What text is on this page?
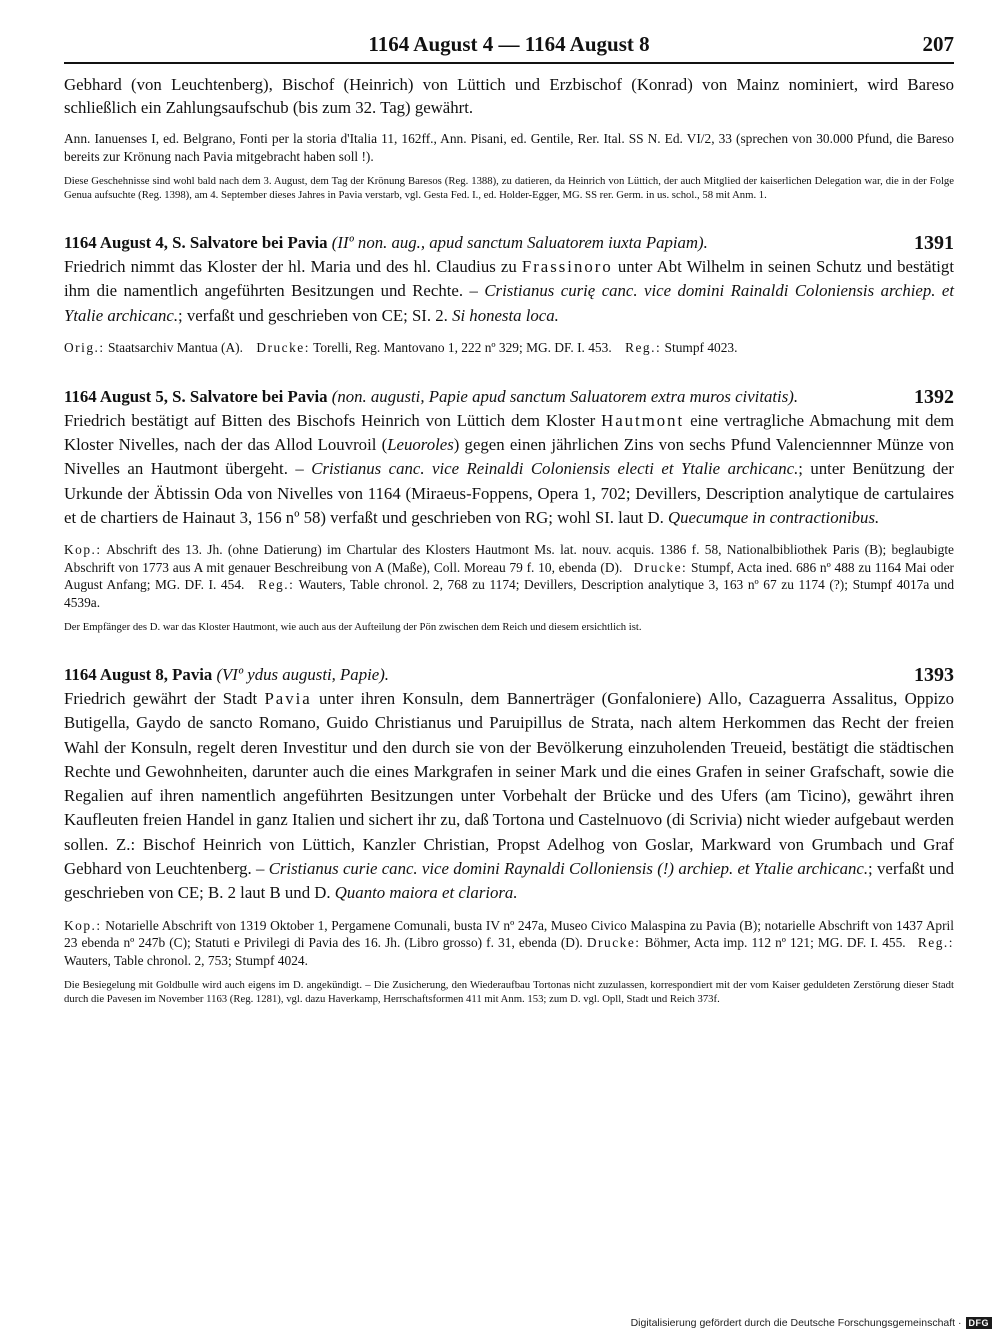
1164 August 4 — 1164 August 8	207
Gebhard (von Leuchtenberg), Bischof (Heinrich) von Lüttich und Erzbischof (Konrad) von Mainz nominiert, wird Bareso schließlich ein Zahlungsaufschub (bis zum 32. Tag) gewährt.
Ann. Ianuenses I, ed. Belgrano, Fonti per la storia d'Italia 11, 162ff., Ann. Pisani, ed. Gentile, Rer. Ital. SS N. Ed. VI/2, 33 (sprechen von 30.000 Pfund, die Bareso bereits zur Krönung nach Pavia mitgebracht haben soll !).
Diese Geschehnisse sind wohl bald nach dem 3. August, dem Tag der Krönung Baresos (Reg. 1388), zu datieren, da Heinrich von Lüttich, der auch Mitglied der kaiserlichen Delegation war, die in der Folge Genua aufsuchte (Reg. 1398), am 4. September dieses Jahres in Pavia verstarb, vgl. Gesta Fed. I., ed. Holder-Egger, MG. SS rer. Germ. in us. schol., 58 mit Anm. 1.
1164 August 4, S. Salvatore bei Pavia (IIº non. aug., apud sanctum Saluatorem iuxta Papiam).	1391
Friedrich nimmt das Kloster der hl. Maria und des hl. Claudius zu Frassinoro unter Abt Wilhelm in seinen Schutz und bestätigt ihm die namentlich angeführten Besitzungen und Rechte. – Cristianus curię canc. vice domini Rainaldi Coloniensis archiep. et Ytalie archicanc.; verfaßt und geschrieben von CE; SI. 2. Si honesta loca.
Orig.: Staatsarchiv Mantua (A). Drucke: Torelli, Reg. Mantovano 1, 222 nº 329; MG. DF. I. 453. Reg.: Stumpf 4023.
1164 August 5, S. Salvatore bei Pavia (non. augusti, Papie apud sanctum Saluatorem extra muros civitatis).	1392
Friedrich bestätigt auf Bitten des Bischofs Heinrich von Lüttich dem Kloster Hautmont eine vertragliche Abmachung mit dem Kloster Nivelles, nach der das Allod Louvroil (Leuoroles) gegen einen jährlichen Zins von sechs Pfund Valenciennner Münze von Nivelles an Hautmont übergeht. – Cristianus canc. vice Reinaldi Coloniensis electi et Ytalie archicanc.; unter Benützung der Urkunde der Äbtissin Oda von Nivelles von 1164 (Miraeus-Foppens, Opera 1, 702; Devillers, Description analytique de cartulaires et de chartiers de Hainaut 3, 156 nº 58) verfaßt und geschrieben von RG; wohl SI. laut D. Quecumque in contractionibus.
Kop.: Abschrift des 13. Jh. (ohne Datierung) im Chartular des Klosters Hautmont Ms. lat. nouv. acquis. 1386 f. 58, Nationalbibliothek Paris (B); beglaubigte Abschrift von 1773 aus A mit genauer Beschreibung von A (Maße), Coll. Moreau 79 f. 10, ebenda (D). Drucke: Stumpf, Acta ined. 686 nº 488 zu 1164 Mai oder August Anfang; MG. DF. I. 454. Reg.: Wauters, Table chronol. 2, 768 zu 1174; Devillers, Description analytique 3, 163 nº 67 zu 1174 (?); Stumpf 4017a und 4539a.
Der Empfänger des D. war das Kloster Hautmont, wie auch aus der Aufteilung der Pön zwischen dem Reich und diesem ersichtlich ist.
1164 August 8, Pavia (VIº ydus augusti, Papie).	1393
Friedrich gewährt der Stadt Pavia unter ihren Konsuln, dem Bannerträger (Gonfaloniere) Allo, Cazaguerra Assalitus, Oppizo Butigella, Gaydo de sancto Romano, Guido Christianus und Paruipillus de Strata, nach altem Herkommen das Recht der freien Wahl der Konsuln, regelt deren Investitur und den durch sie von der Bevölkerung einzuholenden Treueid, bestätigt die städtischen Rechte und Gewohnheiten, darunter auch die eines Markgrafen in seiner Mark und die eines Grafen in seiner Grafschaft, sowie die Regalien auf ihren namentlich angeführten Besitzungen unter Vorbehalt der Brücke und des Ufers (am Ticino), gewährt ihren Kaufleuten freien Handel in ganz Italien und sichert ihr zu, daß Tortona und Castelnuovo (di Scrivia) nicht wieder aufgebaut werden sollen. Z.: Bischof Heinrich von Lüttich, Kanzler Christian, Propst Adelhog von Goslar, Markward von Grumbach und Graf Gebhard von Leuchtenberg. – Cristianus curie canc. vice domini Raynaldi Colloniensis (!) archiep. et Ytalie archicanc.; verfaßt und geschrieben von CE; B. 2 laut B und D. Quanto maiora et clariora.
Kop.: Notarielle Abschrift von 1319 Oktober 1, Pergamene Comunali, busta IV nº 247a, Museo Civico Malaspina zu Pavia (B); notarielle Abschrift von 1437 April 23 ebenda nº 247b (C); Statuti e Privilegi di Pavia des 16. Jh. (Libro grosso) f. 31, ebenda (D). Drucke: Böhmer, Acta imp. 112 nº 121; MG. DF. I. 455. Reg.: Wauters, Table chronol. 2, 753; Stumpf 4024.
Die Besiegelung mit Goldbulle wird auch eigens im D. angekündigt. – Die Zusicherung, den Wiederaufbau Tortonas nicht zuzulassen, korrespondiert mit der vom Kaiser geduldeten Zerstörung dieser Stadt durch die Pavesen im November 1163 (Reg. 1281), vgl. dazu Haverkamp, Herrschaftsformen 411 mit Anm. 153; zum D. vgl. Opll, Stadt und Reich 373f.
Digitalisierung gefördert durch die Deutsche Forschungsgemeinschaft · DFG
